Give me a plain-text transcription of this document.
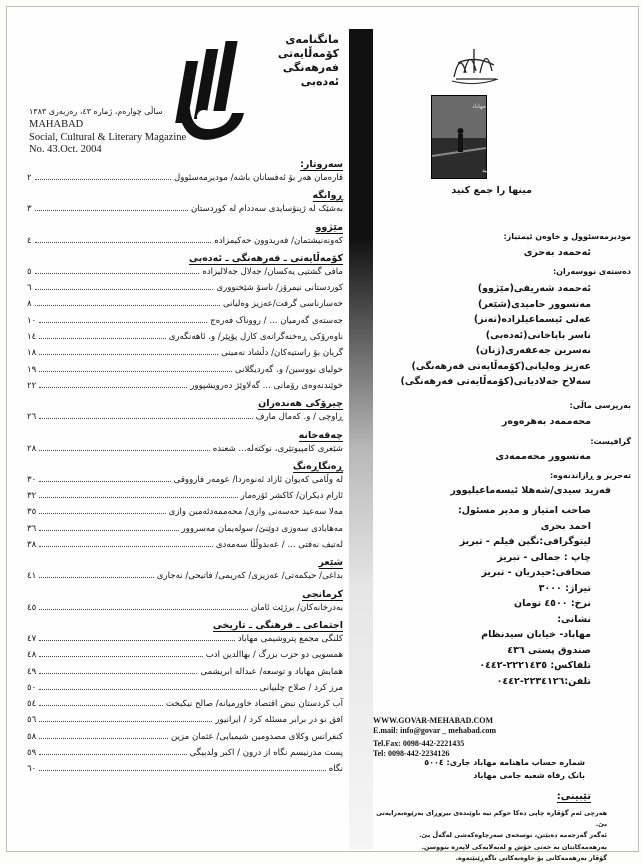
مانگنامەی
کۆمەڵایەتی
فەرهەنگی
ئەدەبی
ساڵی چوارەم، ژمارە ٤٣، رەزبەری ١٣٨٣
MAHABAD
Social, Cultural & Literary Magazine
No. 43.Oct. 2004
سەروتار:
قارەمان هەر بۆ ئەفسانان باشە/ مودیرمەسئوول
٢
ڕوانگە
بەشێک لە ژینۆسایدی سەددام لە کوردستان
٣
مێژوو
کەونەنیشتمان/ فەریدوون حەکیمزادە
٤
کۆمەڵایەتی ـ فەرهەنگی ـ ئەدەبی
مافی گشتیی یەکسان/ جەلال جەلالیزادە
٥
کوردستانی نیمرۆز/ ناسۆ شێخنووری
٦
خەسارناسی گرفت/عەزیز وەلیانی
٨
جەستەی گەرمیان ... / رووناک فەرەج
١٠
ناوەرۆکی ڕەخنەگرانەی کارل پۆپێر/ و. ئاهەنگەری
١٤
گریان بۆ راستیەکان/ دڵشاد نەمینی
١٨
خولیای نووسین/ و. گەردیگلانی
١٩
خوێندنەوەی رۆمانی ... گەلاوێژ دەرویشپوور
٢٢
چیرۆکی هەندەران
ڕاوچی / و. کەمال مارف
٢٦
چەقەخانە
شێعری کامپیوتێری، نوکتەلە... شعندە
٢٨
ڕەنگاڕەنگ
لە وڵامی کەیوان ئازاد ئەنوەردا/ عومەر فارووقی
٣٠
ئارام دیکران/ کاکشر ئۆرەمار
٣٢
مەلا سەعید حەسەنی وازی/ محەممەدئەمین وازی
٣٥
مەهابادی سەوزی دوێنێ/ سولەیمان مەسروور
٣٦
لەتیف نەفتی ... / عەبدوڵڵا سەمەدی
٣٨
شێعر
بداغی/ حیکمەتی/ عەزیزی/ کەریمی/ فاتیحی/ نەجاری
٤١
کرمانجی
بەدرخانەکان/ برژێت ئامان
٤٥
اجتماعی ـ فرهنگی ـ تاریخی
کلنگی مجمع پتروشیمی مهاباد
٤٧
همسویی دو حزب بزرگ / بهاالدین ادب
٤٨
همایش مهاباد و توسعه/ عبداله ابریشمی
٤٩
مرز کرد / صلاح چلبیانی
٥٠
آب کردستان نبض اقتصاد خاورمیانه/ صالح نیکبخت
٥٤
افق نو در برابر مسئله کرد / ایرانیور
٥٦
کنفرانس وکلای مصدومین شیمیایی/ عثمان مزین
٥٨
پست مدرنیسم نگاه از درون / اکبر ولدبیگی
٥٩
نگاه
٦٠
مهاباد
مینها را جمع کنید
مینها را جمع کنید
مودیرمەسئوول و خاوەن ئیمتیاز:
ئەحمەد بەحری
دەستەی نووسەران:
ئەحمەد شەریفی(مێژوو)
مەنسوور حامیدی(شێعر)
عەلی ئیسماعیلزادە(تەنز)
ناسر باباخانی(ئەدەبی)
نەسرین جەعفەری(ژنان)
عەزیز وەلیانی(کۆمەڵایەتی فەرهەنگی)
سەلاح جەلادیانی(کۆمەڵایەتی فەرهەنگی)
بەرپرسی ماڵی:
محەممەد بەهرەوەر
گرافیست:
مەنسوور محەممەدی
تەحریر و ڕازاندنەوە:
فەرید سیدی/شەهلا ئیسەماعیلپوور
صاحب امتیاز و مدیر مسئول:
احمد بحری
لیتوگرافی:نگین فیلم - تبریز
چاپ : جمالی - تبریز
صحافی:حیدریان - تبریز
تیراژ: ٣٠٠٠
نرخ: ٤٥٠٠ تومان
نشانی:
مهاباد- خیابان سیدنظام
صندوق پستی ٤٣٦
تلفاکس: ٢٢٢١٤٣٥-٠٤٤٢
تلفن:٢٢٣٤١٢٦-٠٤٤٢
WWW.GOVAR-MEHABAD.COM
E.mail: info@govar _ mehabad.com
Tel.Fax: 0098-442-2221435
Tel: 0098-442-2234126
شماره حساب ماهنامه مهاباد جاری: ٥٠٠٤
بانک رفاه شعبه جامی مهاباد
تێبینی:
هەرچی ئەم گۆڤارە چاپی دەکا حوکم نیە ناوێندەی بیروڕای بەرێوەبەرایەتی بێ.
ئەگەر گەرجەمە دەبێتن، نوسخەی سەرچاوەکەشی لەگەڵ بێ.
بەرهەمەکانتان بە خەتی خۆش و لەبەلایەکی لاپەرە بنووسن.
گۆڤار بەرهەمەکانی بۆ خاوەنەکانی ناگەڕێنێتەوە.
